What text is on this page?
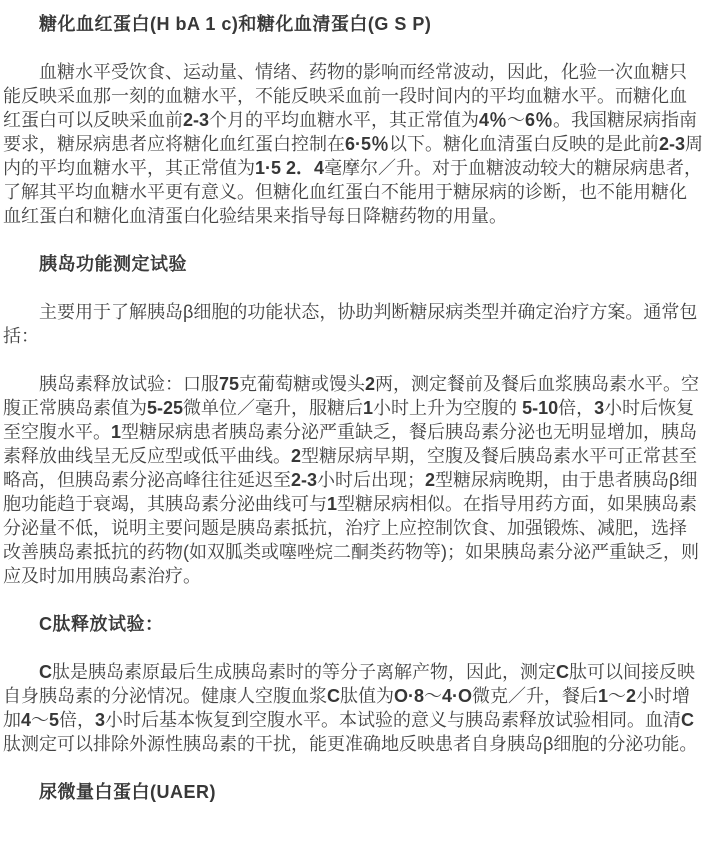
糖化血红蛋白(H bA 1 c)和糖化血清蛋白(G S P)
血糖水平受饮食、运动量、情绪、药物的影响而经常波动，因此，化验一次血糖只能反映采血那一刻的血糖水平，不能反映采血前一段时间内的平均血糖水平。而糖化血红蛋白可以反映采血前2-3个月的平均血糖水平，其正常值为4％～6％。我国糖尿病指南要求，糖尿病患者应将糖化血红蛋白控制在6·5％以下。糖化血清蛋白反映的是此前2-3周内的平均血糖水平，其正常值为1·5 2．4毫摩尔／升。对于血糖波动较大的糖尿病患者，了解其平均血糖水平更有意义。但糖化血红蛋白不能用于糖尿病的诊断，也不能用糖化血红蛋白和糖化血清蛋白化验结果来指导每日降糖药物的用量。
胰岛功能测定试验
主要用于了解胰岛β细胞的功能状态，协助判断糖尿病类型并确定治疗方案。通常包括：
胰岛素释放试验：口服75克葡萄糖或馒头2两，测定餐前及餐后血浆胰岛素水平。空腹正常胰岛素值为5-25微单位／毫升，服糖后1小时上升为空腹的 5-10倍，3小时后恢复至空腹水平。1型糖尿病患者胰岛素分泌严重缺乏，餐后胰岛素分泌也无明显增加，胰岛素释放曲线呈无反应型或低平曲线。2型糖尿病早期，空腹及餐后胰岛素水平可正常甚至略高，但胰岛素分泌高峰往往延迟至2-3小时后出现；2型糖尿病晚期，由于患者胰岛β细胞功能趋于衰竭，其胰岛素分泌曲线可与1型糖尿病相似。在指导用药方面，如果胰岛素分泌量不低，说明主要问题是胰岛素抵抗，治疗上应控制饮食、加强锻炼、减肥，选择改善胰岛素抵抗的药物(如双胍类或噻唑烷二酮类药物等)；如果胰岛素分泌严重缺乏，则应及时加用胰岛素治疗。
C肽释放试验：
C肽是胰岛素原最后生成胰岛素时的等分子离解产物，因此，测定C肽可以间接反映自身胰岛素的分泌情况。健康人空腹血浆C肽值为O·8～4·O微克／升，餐后1～2小时增加4～5倍，3小时后基本恢复到空腹水平。本试验的意义与胰岛素释放试验相同。血清C肽测定可以排除外源性胰岛素的干扰，能更准确地反映患者自身胰岛β细胞的分泌功能。
尿微量白蛋白(UAER)
